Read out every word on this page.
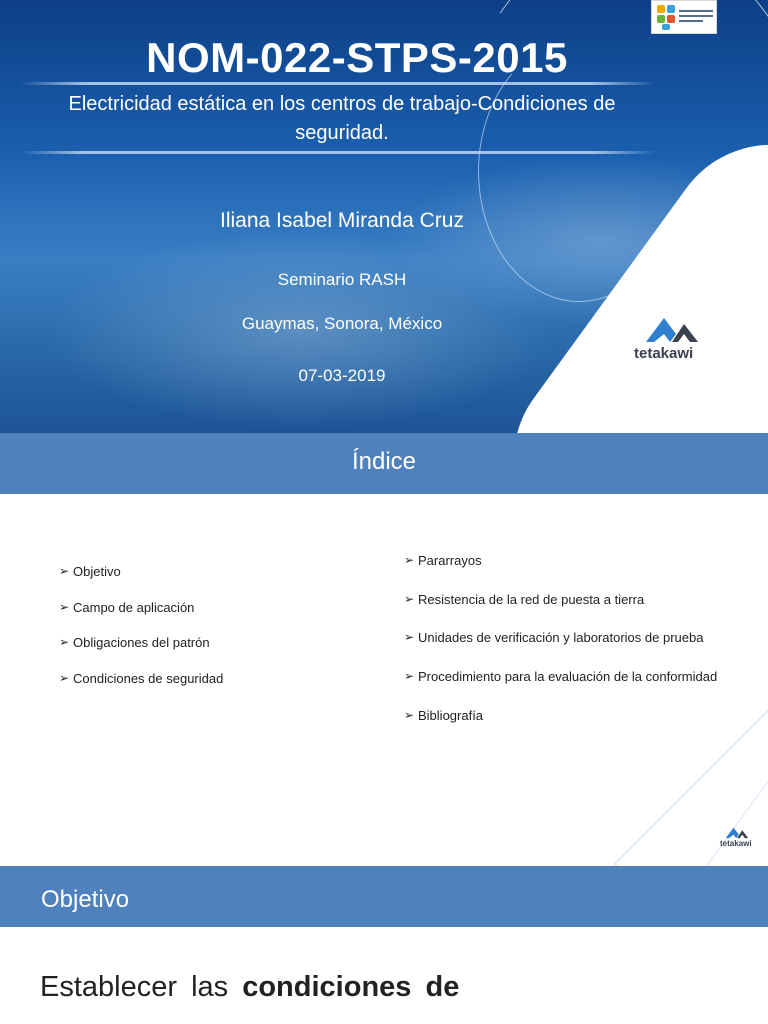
NOM-022-STPS-2015
Electricidad estática en los centros de trabajo-Condiciones de seguridad.
Iliana Isabel Miranda Cruz
Seminario RASH
Guaymas, Sonora, México
07-03-2019
tetakawi
Índice
➢ Objetivo
➢ Campo de aplicación
➢ Obligaciones del patrón
➢ Condiciones de seguridad
➢ Pararrayos
➢ Resistencia de la red de puesta a tierra
➢ Unidades de verificación y laboratorios de prueba
➢ Procedimiento para la evaluación de la conformidad
➢ Bibliografía
tetakawi
Objetivo
Establecer las condiciones de
